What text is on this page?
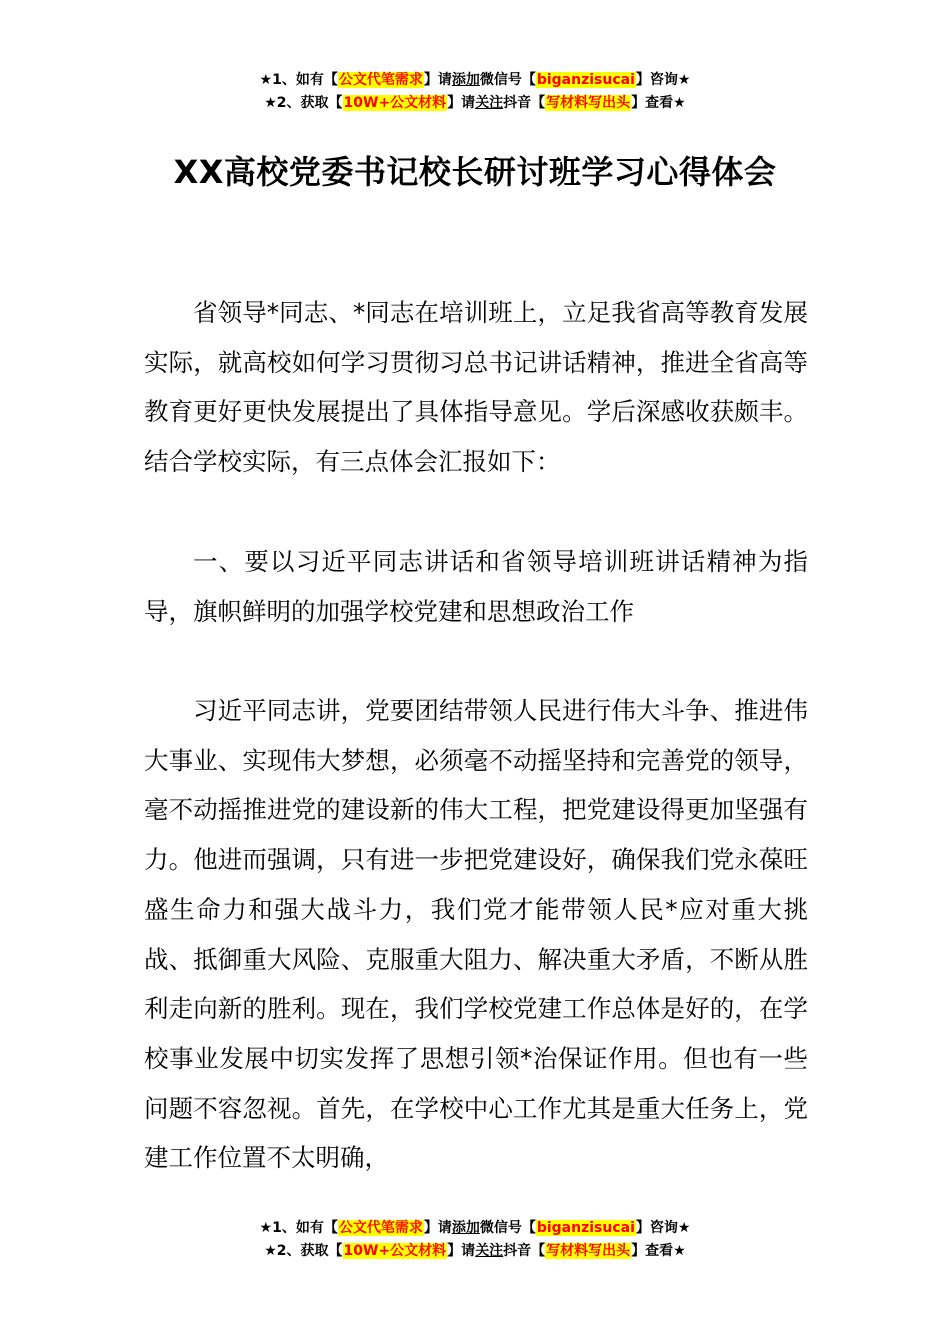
★1、如有【公文代笔需求】请添加微信号【biganzisucai】咨询★
★2、获取【10W+公文材料】请关注抖音【写材料写出头】查看★
XX高校党委书记校长研讨班学习心得体会

省领导*同志、*同志在培训班上，立足我省高等教育发展实际，就高校如何学习贯彻习总书记讲话精神，推进全省高等教育更好更快发展提出了具体指导意见。学后深感收获颇丰。结合学校实际，有三点体会汇报如下：

一、要以习近平同志讲话和省领导培训班讲话精神为指导，旗帜鲜明的加强学校党建和思想政治工作

习近平同志讲，党要团结带领人民进行伟大斗争、推进伟大事业、实现伟大梦想，必须毫不动摇坚持和完善党的领导，毫不动摇推进党的建设新的伟大工程，把党建设得更加坚强有力。他进而强调，只有进一步把党建设好，确保我们党永葆旺盛生命力和强大战斗力，我们党才能带领人民*应对重大挑战、抵御重大风险、克服重大阻力、解决重大矛盾，不断从胜利走向新的胜利。现在，我们学校党建工作总体是好的，在学校事业发展中切实发挥了思想引领*治保证作用。但也有一些问题不容忽视。首先，在学校中心工作尤其是重大任务上，党建工作位置不太明确，

★1、如有【公文代笔需求】请添加微信号【biganzisucai】咨询★
★2、获取【10W+公文材料】请关注抖音【写材料写出头】查看★
